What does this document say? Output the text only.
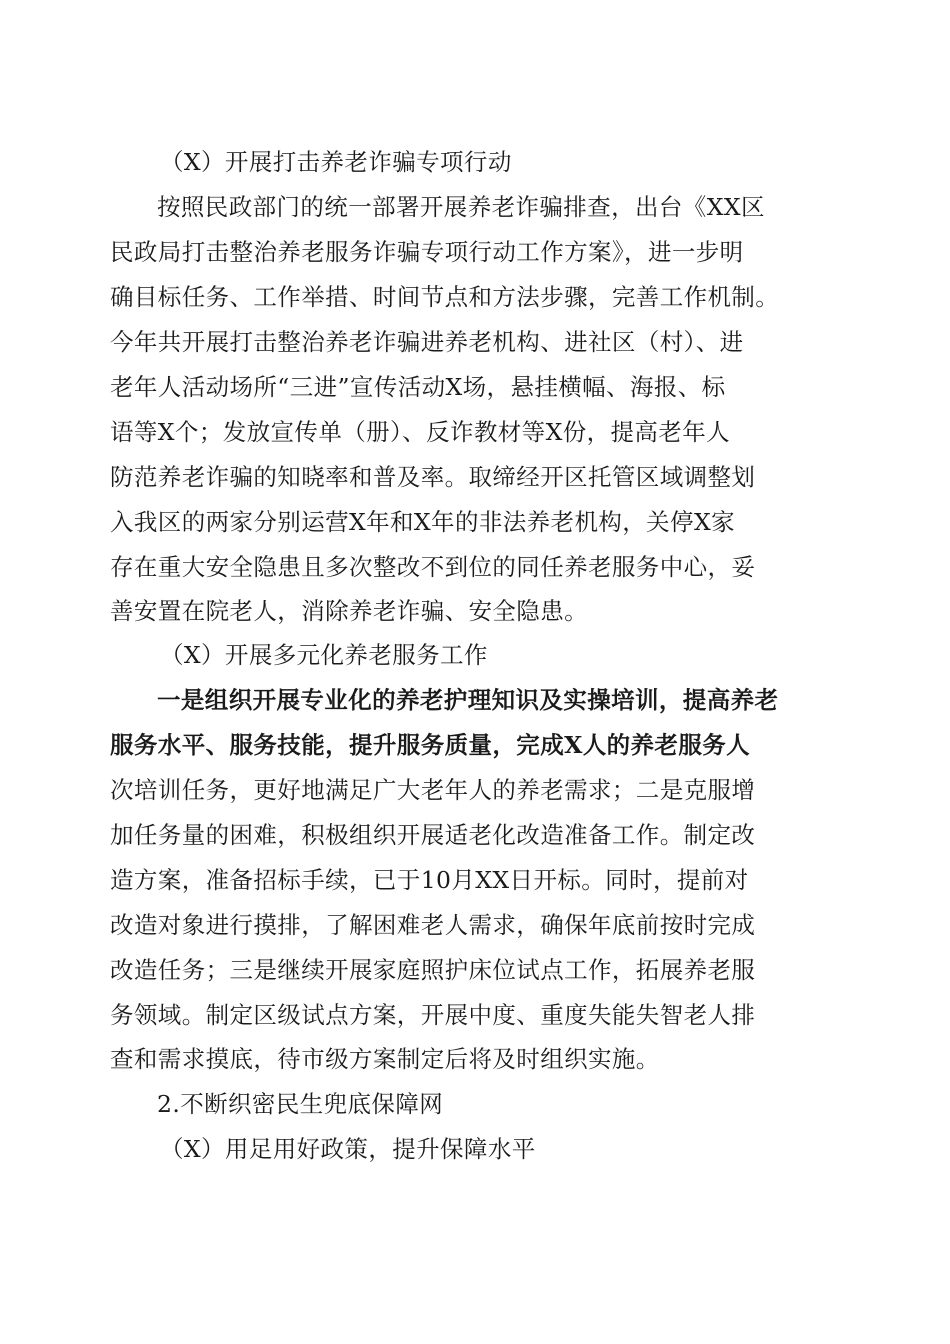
（X）开展打击养老诈骗专项行动
按照民政部门的统一部署开展养老诈骗排查，出台《XX区
民政局打击整治养老服务诈骗专项行动工作方案》，进一步明
确目标任务、工作举措、时间节点和方法步骤，完善工作机制。
今年共开展打击整治养老诈骗进养老机构、进社区（村）、进
老年人活动场所“三进”宣传活动X场，悬挂横幅、海报、标
语等X个；发放宣传单（册）、反诈教材等X份，提高老年人
防范养老诈骗的知晓率和普及率。取缔经开区托管区域调整划
入我区的两家分别运营X年和X年的非法养老机构，关停X家
存在重大安全隐患且多次整改不到位的同任养老服务中心，妥
善安置在院老人，消除养老诈骗、安全隐患。
（X）开展多元化养老服务工作
一是组织开展专业化的养老护理知识及实操培训，提高养老
服务水平、服务技能，提升服务质量，完成X人的养老服务人
次培训任务，更好地满足广大老年人的养老需求；二是克服增
加任务量的困难，积极组织开展适老化改造准备工作。制定改
造方案，准备招标手续，已于10月XX日开标。同时，提前对
改造对象进行摸排，了解困难老人需求，确保年底前按时完成
改造任务；三是继续开展家庭照护床位试点工作，拓展养老服
务领域。制定区级试点方案，开展中度、重度失能失智老人排
查和需求摸底，待市级方案制定后将及时组织实施。
2.不断织密民生兜底保障网
（X）用足用好政策，提升保障水平
